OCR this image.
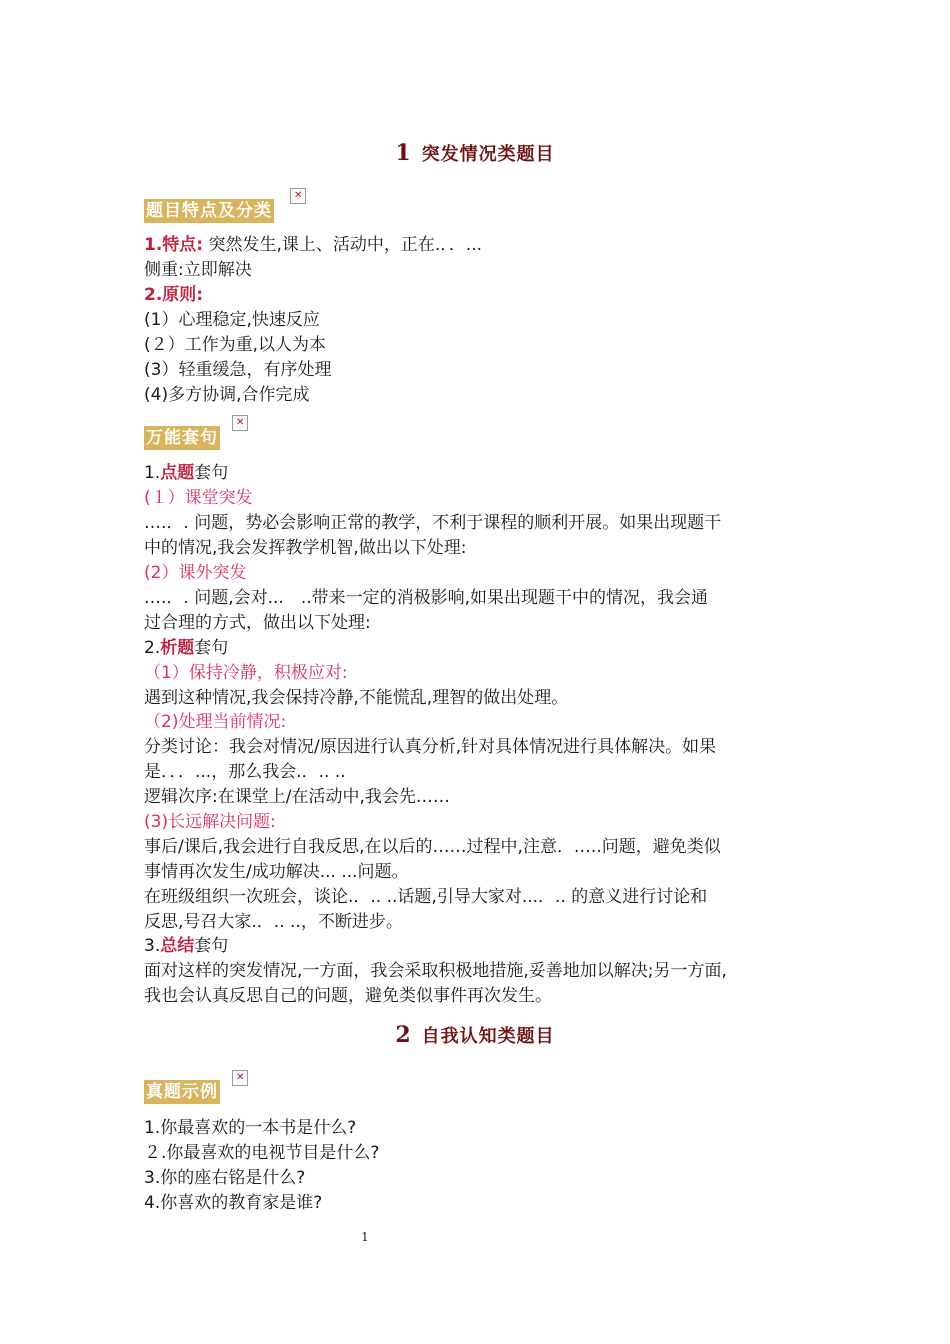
1 突发情况类题目
题目特点及分类
✕
1.特点: 突然发生,课上、活动中，正在.．．...
侧重:立即解决
2.原则:
(1）心理稳定,快速反应
(２）工作为重,以人为本
(3）轻重缓急，有序处理
(4)多方协调,合作完成
万能套句
✕
1.点题套句
(１）课堂突发
….．. 问题，势必会影响正常的教学，不利于课程的顺利开展。如果出现题干
中的情况,我会发挥教学机智,做出以下处理:
(2）课外突发
….．. 问题,会对...　..带来一定的消极影响,如果出现题干中的情况，我会通
过合理的方式，做出以下处理:
2.析题套句
（1）保持冷静，积极应对:
遇到这种情况,我会保持冷静,不能慌乱,理智的做出处理。
（2)处理当前情况:
分类讨论：我会对情况/原因进行认真分析,针对具体情况进行具体解决。如果
是．．．...，那么我会.．.. ..
逻辑次序:在课堂上/在活动中,我会先……
(3)长远解决问题:
事后/课后,我会进行自我反思,在以后的……过程中,注意．.….问题，避免类似
事情再次发生/成功解决... ...问题。
在班级组织一次班会，谈论.．.. ..话题,引导大家对...．.. 的意义进行讨论和
反思,号召大家.．.. ..，不断进步。
3.总结套句
面对这样的突发情况,一方面，我会采取积极地措施,妥善地加以解决;另一方面,
我也会认真反思自己的问题，避免类似事件再次发生。
2 自我认知类题目
真题示例
✕
1.你最喜欢的一本书是什么?
２.你最喜欢的电视节目是什么?
3.你的座右铭是什么?
4.你喜欢的教育家是谁?
1
